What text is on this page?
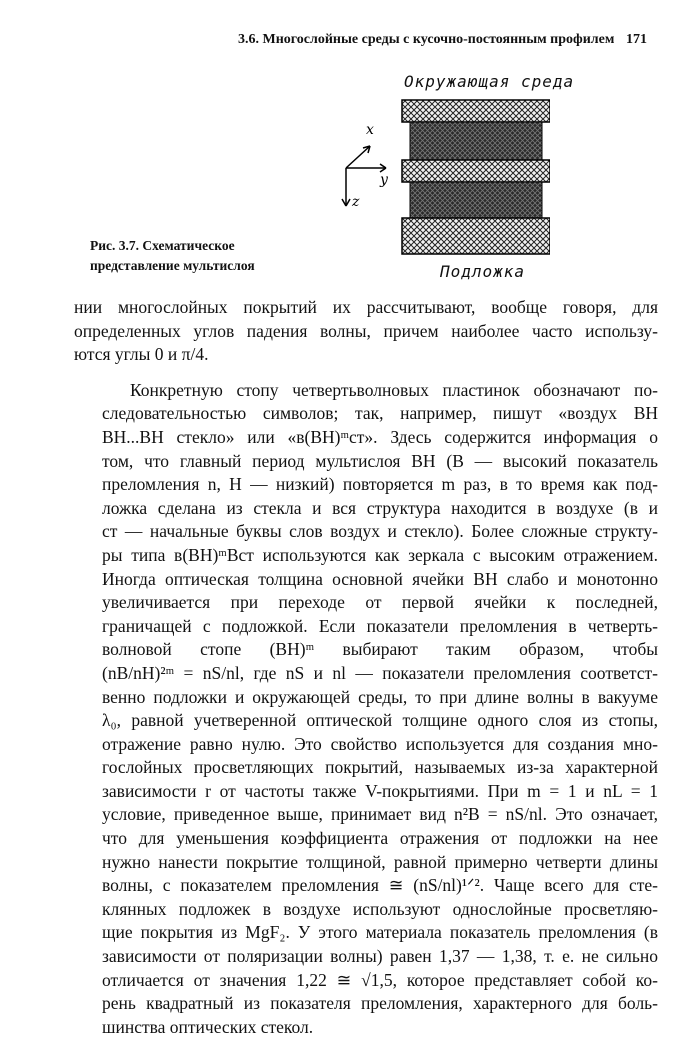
3.6. Многослойные среды с кусочно-постоянным профилем 171
Окружающая среда
x
y
z
Подложка
Рис. 3.7. Схематическое
представление мультислоя

нии многослойных покрытий их рассчитывают, вообще говоря, для
определенных углов падения волны, причем наиболее часто использу-
ются углы 0 и π/4.

Конкретную стопу четвертьволновых пластинок обозначают по-
следовательностью символов; так, например, пишут «воздух ВН
ВН...ВН стекло» или «в(ВН)ᵐст». Здесь содержится информация о
том, что главный период мультислоя ВН (В — высокий показатель
преломления n, Н — низкий) повторяется m раз, в то время как под-
ложка сделана из стекла и вся структура находится в воздухе (в и
ст — начальные буквы слов воздух и стекло). Более сложные структу-
ры типа в(ВН)ᵐВст используются как зеркала с высоким отражением.
Иногда оптическая толщина основной ячейки ВН слабо и монотонно
увеличивается при переходе от первой ячейки к последней,
граничащей с подложкой. Если показатели преломления в четверть-
волновой стопе (ВН)ᵐ выбирают таким образом, чтобы
(nВ/nН)²ᵐ = nS/nl, где nS и nl — показатели преломления соответст-
венно подложки и окружающей среды, то при длине волны в вакууме
λ₀, равной учетверенной оптической толщине одного слоя из стопы,
отражение равно нулю. Это свойство используется для создания мно-
гослойных просветляющих покрытий, называемых из-за характерной
зависимости r от частоты также V-покрытиями. При m = 1 и nL = 1
условие, приведенное выше, принимает вид n²В = nS/nl. Это означает,
что для уменьшения коэффициента отражения от подложки на нее
нужно нанести покрытие толщиной, равной примерно четверти длины
волны, с показателем преломления ≅ (nS/nl)¹ᐟ². Чаще всего для сте-
клянных подложек в воздухе используют однослойные просветляю-
щие покрытия из MgF₂. У этого материала показатель преломления (в
зависимости от поляризации волны) равен 1,37 — 1,38, т. е. не сильно
отличается от значения 1,22 ≅ √1,5, которое представляет собой ко-
рень квадратный из показателя преломления, характерного для боль-
шинства оптических стекол.
